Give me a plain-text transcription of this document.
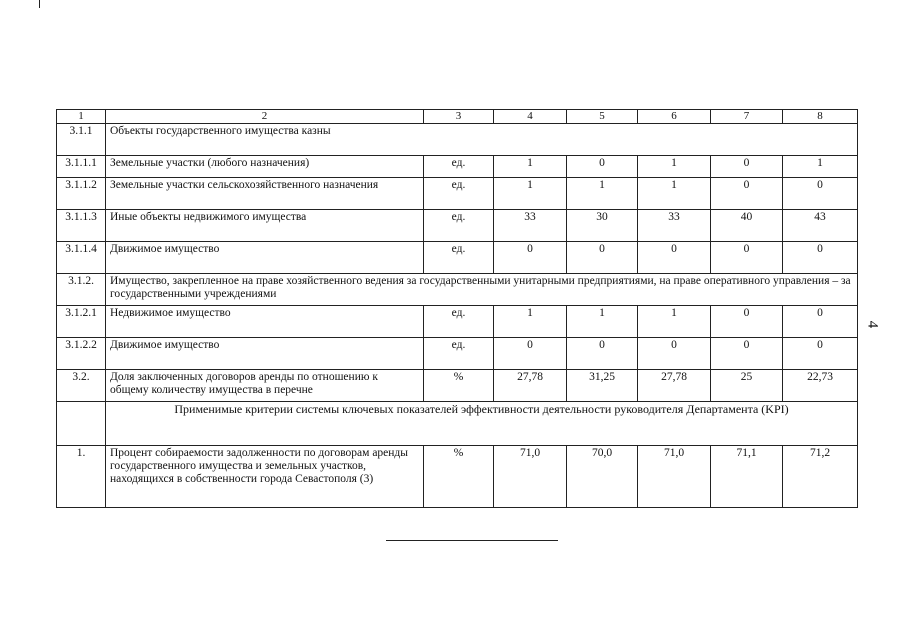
1	2	3	4	5	6	7	8
3.1.1	Объекты государственного имущества казны						
3.1.1.1	Земельные участки (любого назначения)	ед.	1	0	1	0	1
3.1.1.2	Земельные участки сельскохозяйственного назначения	ед.	1	1	1	0	0
3.1.1.3	Иные объекты недвижимого имущества	ед.	33	30	33	40	43
3.1.1.4	Движимое имущество	ед.	0	0	0	0	0
3.1.2.	Имущество, закрепленное на праве хозяйственного ведения за государственными унитарными предприятиями, на праве оперативного управления – за государственными учреждениями						
3.1.2.1	Недвижимое имущество	ед.	1	1	1	0	0
3.1.2.2	Движимое имущество	ед.	0	0	0	0	0
3.2.	Доля заключенных договоров аренды по отношению к общему количеству имущества в перечне	%	27,78	31,25	27,78	25	22,73
	Применимые критерии системы ключевых показателей эффективности деятельности руководителя Департамента (KPI)						
1.	Процент собираемости задолженности по договорам аренды государственного имущества и земельных участков, находящихся в собственности города Севастополя (3)	%	71,0	70,0	71,0	71,1	71,2
4
